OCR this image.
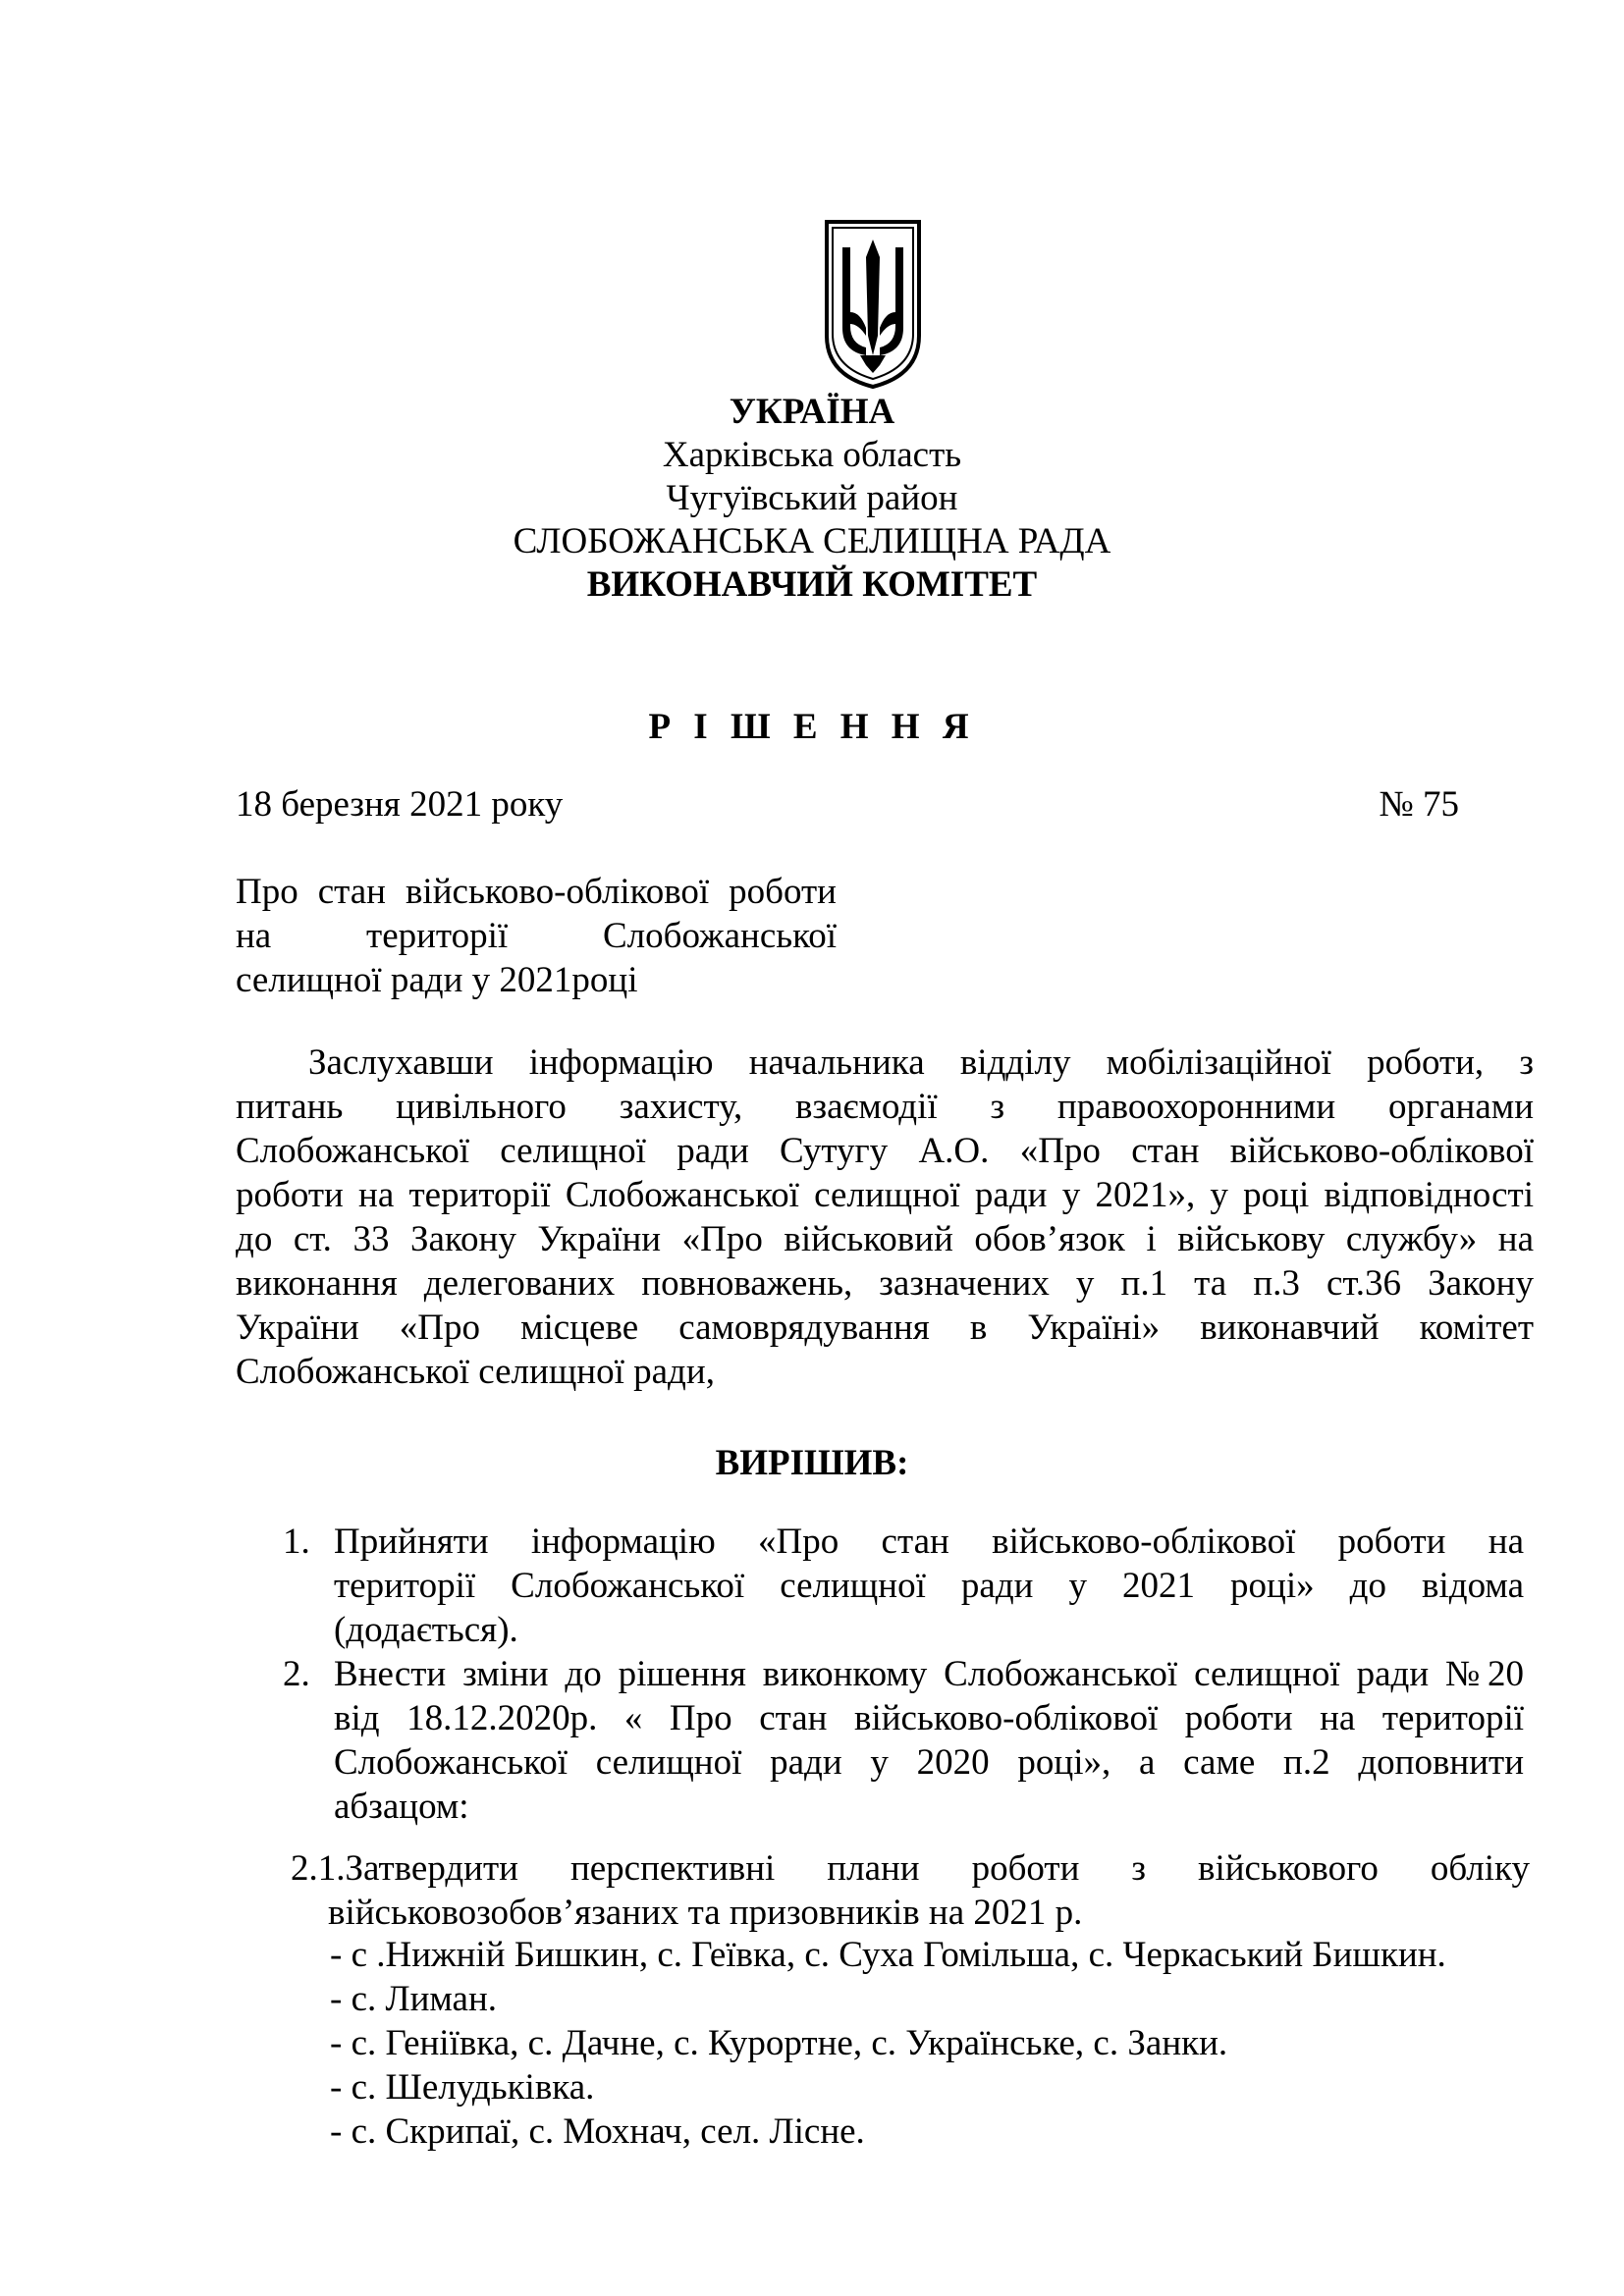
УКРАЇНА
Харківська область
Чугуївський район
СЛОБОЖАНСЬКА СЕЛИЩНА РАДА
ВИКОНАВЧИЙ КОМІТЕТ
Р І Ш Е Н Н Я
18 березня 2021 року	№ 75
Про стан військово-облікової роботи
на території Слобожанської
селищної ради у 2021році
Заслухавши інформацію начальника відділу мобілізаційної роботи, з
питань цивільного захисту, взаємодії з правоохоронними органами
Слобожанської селищної ради Сутугу А.О. «Про стан військово-облікової
роботи на території Слобожанської селищної ради у 2021», у році відповідності
до ст. 33 Закону України «Про військовий обов’язок і військову службу» на
виконання делегованих повноважень, зазначених у п.1 та п.3 ст.36 Закону
України «Про місцеве самоврядування в Україні» виконавчий комітет
Слобожанської селищної ради,
ВИРІШИВ:
1. Прийняти інформацію «Про стан військово-облікової роботи на
території Слобожанської селищної ради у 2021 році» до відома
(додається).
2. Внести зміни до рішення виконкому Слобожанської селищної ради №20
від 18.12.2020р. « Про стан військово-облікової роботи на території
Слобожанської селищної ради у 2020 році», а саме п.2 доповнити
абзацом:
2.1.Затвердити перспективні плани роботи з військового обліку
військовозобов’язаних та призовників на 2021 р.
- с .Нижній Бишкин, с. Геївка, с. Суха Гомільша, с. Черкаський Бишкин.
- с. Лиман.
- с. Геніївка, с. Дачне, с. Курортне, с. Українське, с. Занки.
- с. Шелудьківка.
- с. Скрипаї, с. Мохнач, сел. Лісне.
